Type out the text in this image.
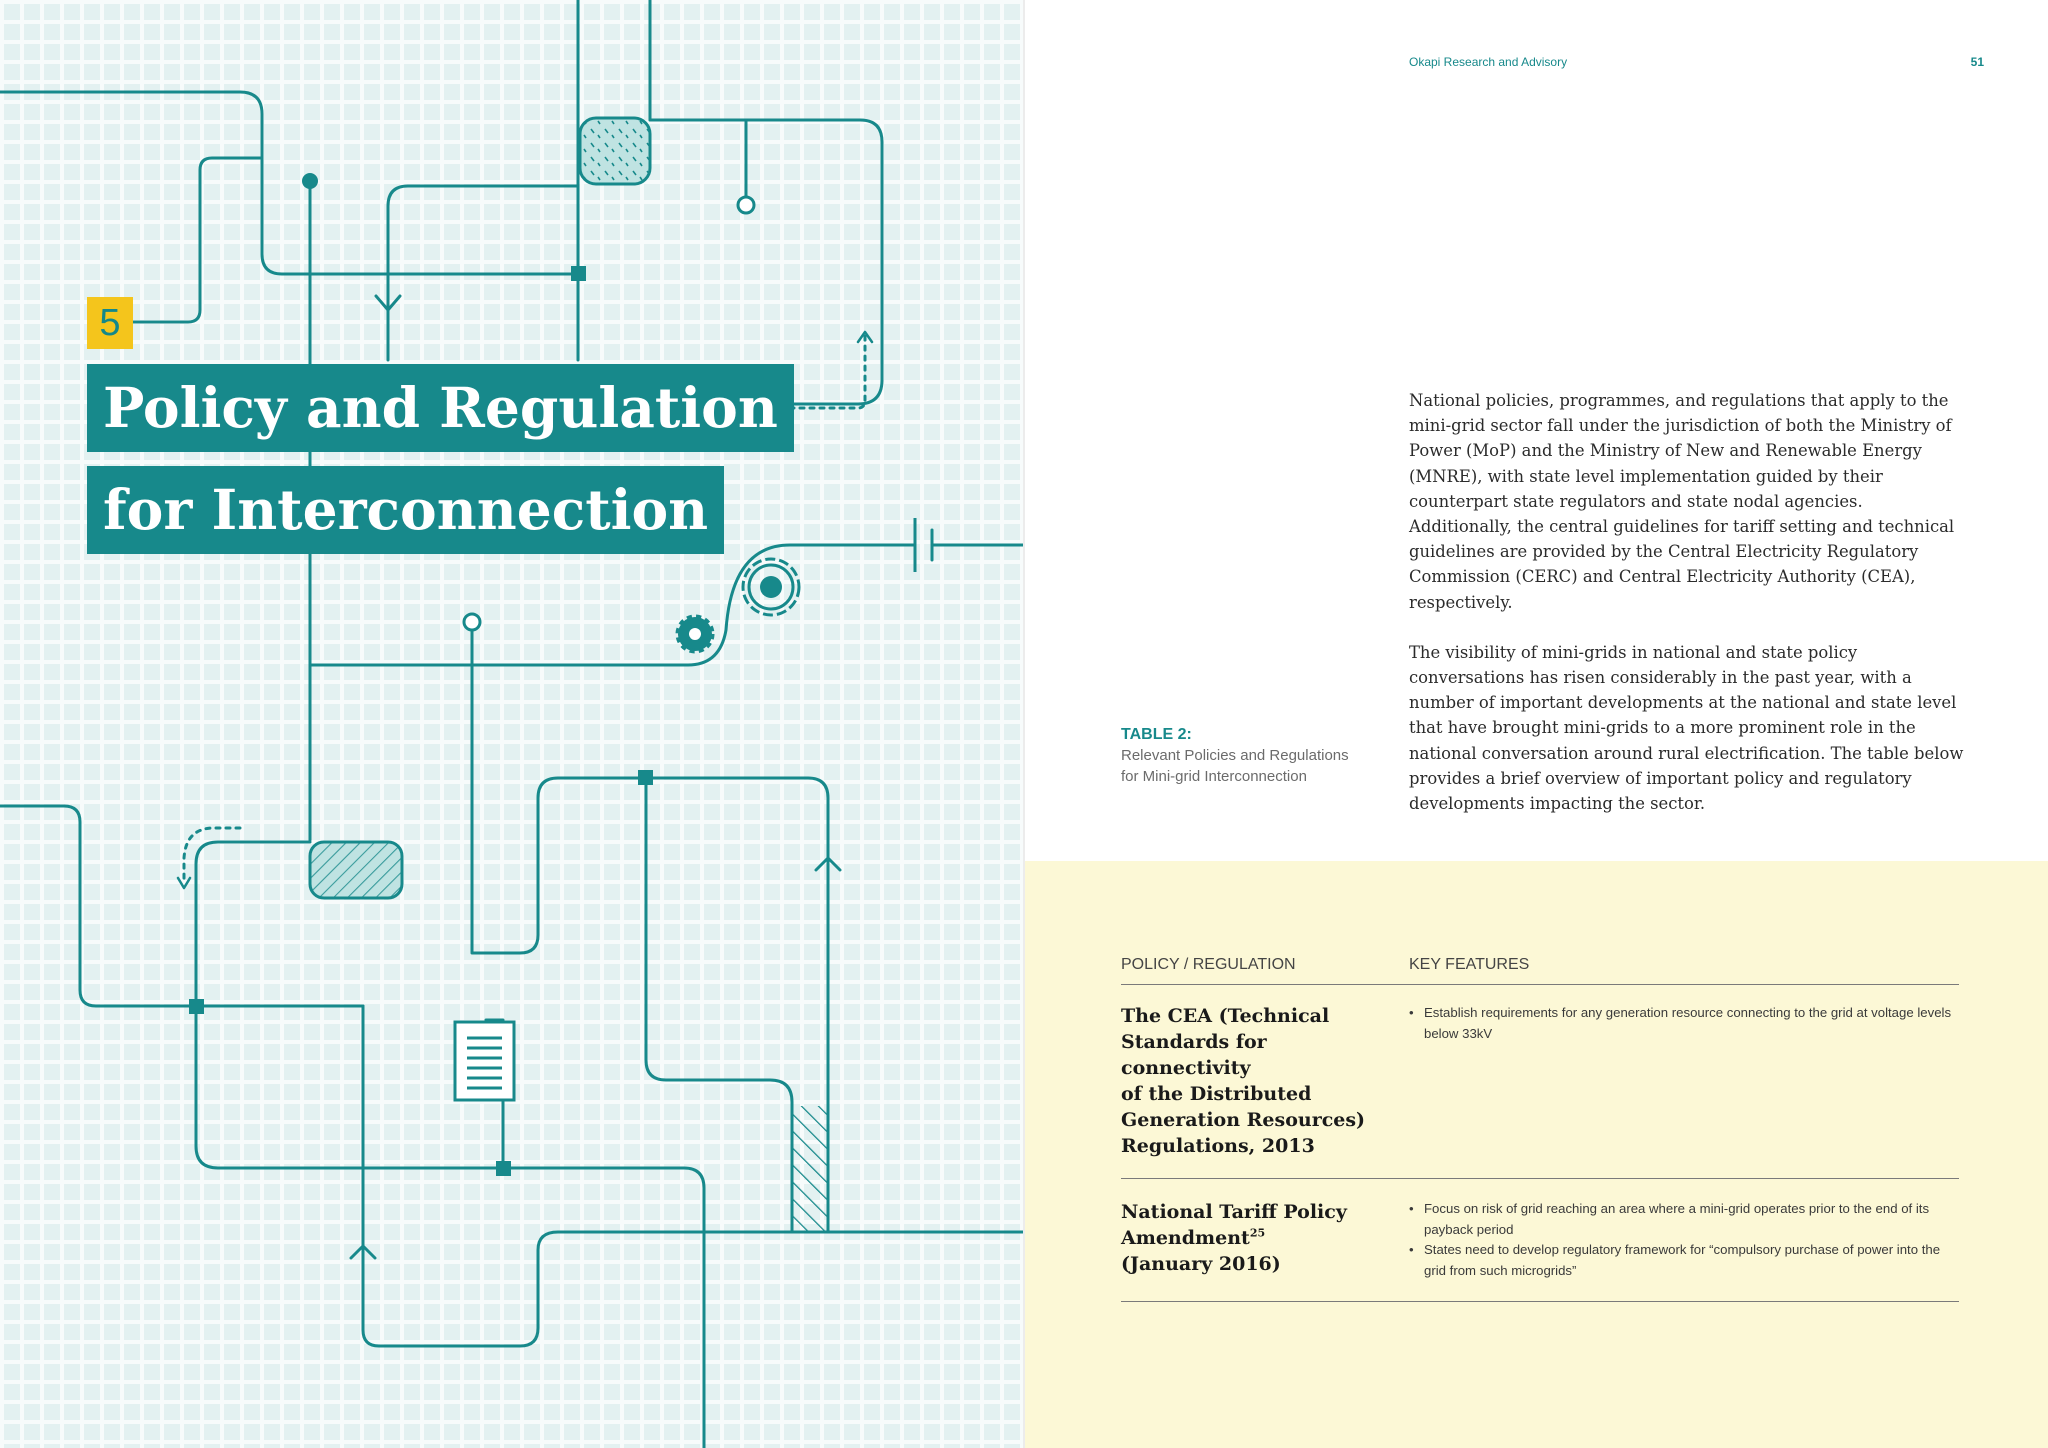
5
Policy and Regulation
for Interconnection
Okapi Research and Advisory	51

National policies, programmes, and regulations that apply to the mini-grid sector fall under the jurisdiction of both the Ministry of Power (MoP) and the Ministry of New and Renewable Energy (MNRE), with state level implementation guided by their counterpart state regulators and state nodal agencies. Additionally, the central guidelines for tariff setting and technical guidelines are provided by the Central Electricity Regulatory Commission (CERC) and Central Electricity Authority (CEA), respectively.

The visibility of mini-grids in national and state policy conversations has risen considerably in the past year, with a number of important developments at the national and state level that have brought mini-grids to a more prominent role in the national conversation around rural electrification. The table below provides a brief overview of important policy and regulatory developments impacting the sector.

TABLE 2:
Relevant Policies and Regulations
for Mini-grid Interconnection
POLICY / REGULATION	KEY FEATURES
The CEA (Technical
Standards for
connectivity
of the Distributed
Generation Resources)
Regulations, 2013
• Establish requirements for any generation resource connecting to the grid at voltage levels below 33kV
National Tariff Policy
Amendment$^{25}$
(January 2016)
• Focus on risk of grid reaching an area where a mini-grid operates prior to the end of its payback period
• States need to develop regulatory framework for “compulsory purchase of power into the grid from such microgrids”
